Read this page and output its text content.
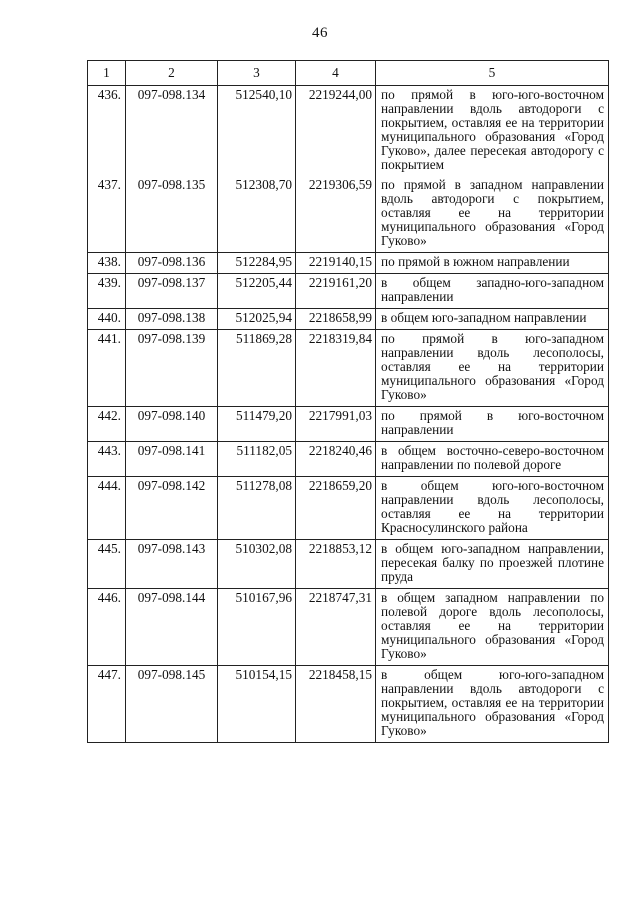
46
1	2	3	4	5
436.	097-098.134	512540,10	2219244,00	по прямой в юго-юго-восточном направлении вдоль автодороги с покрытием, оставляя ее на территории муниципального образования «Город Гуково», далее пересекая автодорогу с покрытием
437.	097-098.135	512308,70	2219306,59	по прямой в западном направлении вдоль автодороги с покрытием, оставляя ее на территории муниципального образования «Город Гуково»
438.	097-098.136	512284,95	2219140,15	по прямой в южном направлении
439.	097-098.137	512205,44	2219161,20	в общем западно-юго-западном направлении
440.	097-098.138	512025,94	2218658,99	в общем юго-западном направлении
441.	097-098.139	511869,28	2218319,84	по прямой в юго-западном направлении вдоль лесополосы, оставляя ее на территории муниципального образования «Город Гуково»
442.	097-098.140	511479,20	2217991,03	по прямой в юго-восточном направлении
443.	097-098.141	511182,05	2218240,46	в общем восточно-северо-восточном направлении по полевой дороге
444.	097-098.142	511278,08	2218659,20	в общем юго-юго-восточном направлении вдоль лесополосы, оставляя ее на территории Красносулинского района
445.	097-098.143	510302,08	2218853,12	в общем юго-западном направлении, пересекая балку по проезжей плотине пруда
446.	097-098.144	510167,96	2218747,31	в общем западном направлении по полевой дороге вдоль лесополосы, оставляя ее на территории муниципального образования «Город Гуково»
447.	097-098.145	510154,15	2218458,15	в общем юго-юго-западном направлении вдоль автодороги с покрытием, оставляя ее на территории муниципального образования «Город Гуково»
